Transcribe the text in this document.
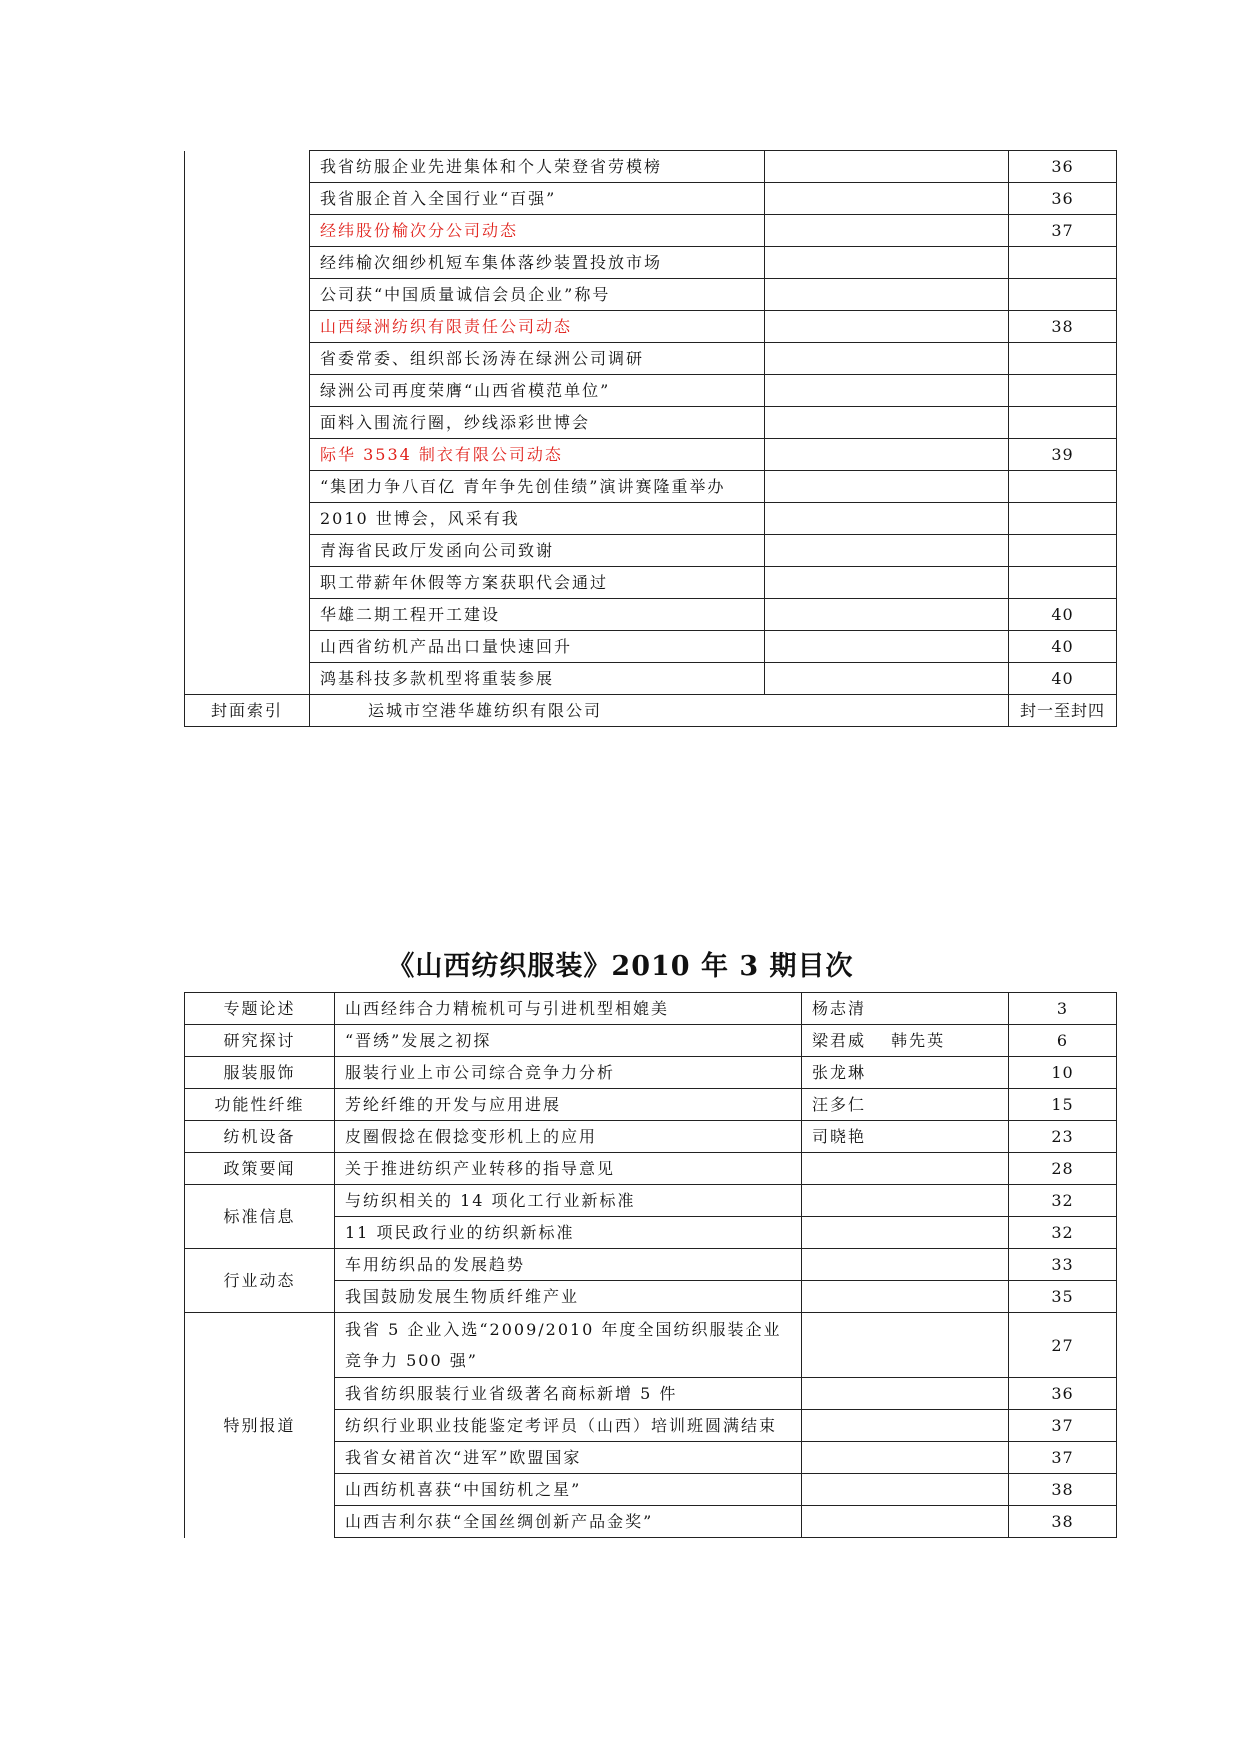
	我省纺服企业先进集体和个人荣登省劳模榜		36
	我省服企首入全国行业“百强”		36
	经纬股份榆次分公司动态		37
	经纬榆次细纱机短车集体落纱装置投放市场		
	公司获“中国质量诚信会员企业”称号		
	山西绿洲纺织有限责任公司动态		38
	省委常委、组织部长汤涛在绿洲公司调研		
	绿洲公司再度荣膺“山西省模范单位”		
	面料入围流行圈，纱线添彩世博会		
	际华 3534 制衣有限公司动态		39
	“集团力争八百亿 青年争先创佳绩”演讲赛隆重举办		
	2010 世博会，风采有我		
	青海省民政厅发函向公司致谢		
	职工带薪年休假等方案获职代会通过		
	华雄二期工程开工建设		40
	山西省纺机产品出口量快速回升		40
	鸿基科技多款机型将重装参展		40
封面索引	运城市空港华雄纺织有限公司		封一至封四
《山西纺织服装》2010 年 3 期目次
专题论述	山西经纬合力精梳机可与引进机型相媲美	杨志清	3
研究探讨	“晋绣”发展之初探	梁君威　 韩先英	6
服装服饰	服装行业上市公司综合竞争力分析	张龙琳	10
功能性纤维	芳纶纤维的开发与应用进展	汪多仁	15
纺机设备	皮圈假捻在假捻变形机上的应用	司晓艳	23
政策要闻	关于推进纺织产业转移的指导意见		28
标准信息	与纺织相关的 14 项化工行业新标准		32
	11 项民政行业的纺织新标准		32
行业动态	车用纺织品的发展趋势		33
	我国鼓励发展生物质纤维产业		35
特别报道	我省 5 企业入选“2009/2010 年度全国纺织服装企业竞争力 500 强”		27
	我省纺织服装行业省级著名商标新增 5 件		36
	纺织行业职业技能鉴定考评员（山西）培训班圆满结束		37
	我省女裙首次“进军”欧盟国家		37
	山西纺机喜获“中国纺机之星”		38
	山西吉利尔获“全国丝绸创新产品金奖”		38
